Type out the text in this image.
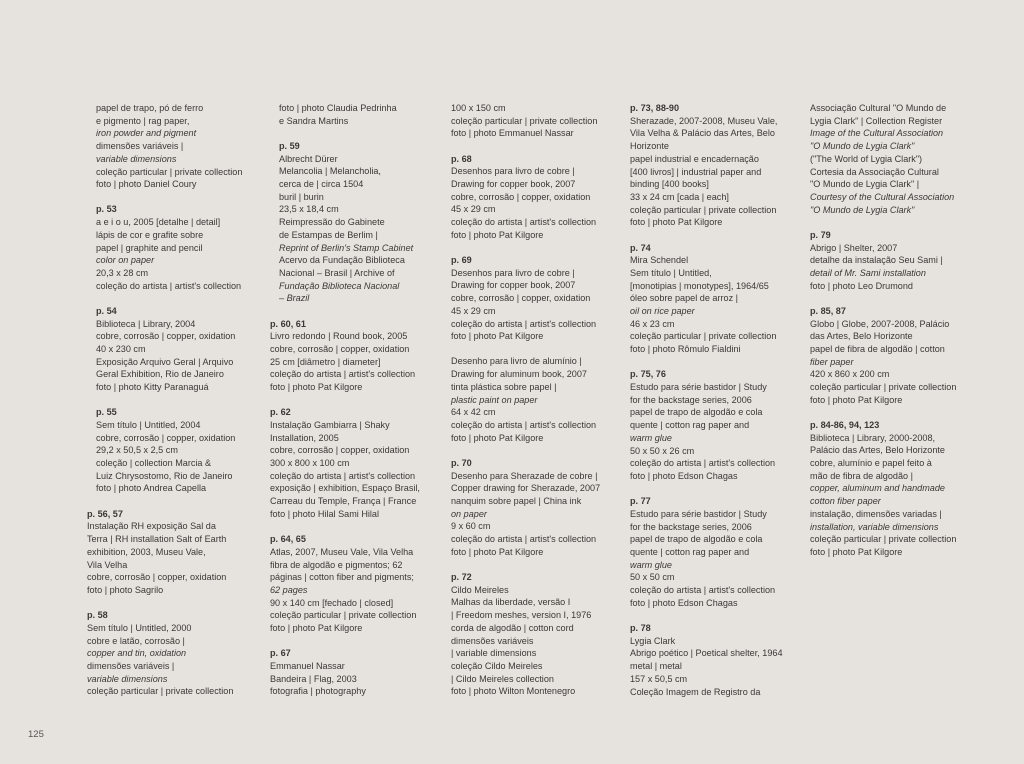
papel de trapo, pó de ferro
e pigmento | rag paper,
iron powder and pigment
dimensões variáveis |
variable dimensions
coleção particular | private collection
foto | photo Daniel Coury
p. 53
a e i o u, 2005 [detalhe | detail]
lápis de cor e grafite sobre
papel | graphite and pencil
color on paper
20,3 x 28 cm
coleção do artista | artist's collection
p. 54
Biblioteca | Library, 2004
cobre, corrosão | copper, oxidation
40 x 230 cm
Exposição Arquivo Geral | Arquivo
Geral Exhibition, Rio de Janeiro
foto | photo Kitty Paranaguá
p. 55
Sem título | Untitled, 2004
cobre, corrosão | copper, oxidation
29,2 x 50,5 x 2,5 cm
coleção | collection Marcia &
Luiz Chrysostomo, Rio de Janeiro
foto | photo Andrea Capella
p. 56, 57
Instalação RH exposição Sal da
Terra | RH installation Salt of Earth
exhibition, 2003, Museu Vale,
Vila Velha
cobre, corrosão | copper, oxidation
foto | photo Sagrilo
p. 58
Sem título | Untitled, 2000
cobre e latão, corrosão |
copper and tin, oxidation
dimensões variáveis |
variable dimensions
coleção particular | private collection
foto | photo Claudia Pedrinha
e Sandra Martins
p. 59
Albrecht Dürer
Melancolia | Melancholia,
cerca de | circa 1504
buril | burin
23,5 x 18,4 cm
Reimpressão do Gabinete
de Estampas de Berlim |
Reprint of Berlin's Stamp Cabinet
Acervo da Fundação Biblioteca
Nacional – Brasil | Archive of
Fundação Biblioteca Nacional
– Brazil
p. 60, 61
Livro redondo | Round book, 2005
cobre, corrosão | copper, oxidation
25 cm [diâmetro | diameter]
coleção do artista | artist's collection
foto | photo Pat Kilgore
p. 62
Instalação Gambiarra | Shaky
Installation, 2005
cobre, corrosão | copper, oxidation
300 x 800 x 100 cm
coleção do artista | artist's collection
exposição | exhibition, Espaço Brasil,
Carreau du Temple, França | France
foto | photo Hilal Sami Hilal
p. 64, 65
Atlas, 2007, Museu Vale, Vila Velha
fibra de algodão e pigmentos; 62
páginas | cotton fiber and pigments;
62 pages
90 x 140 cm [fechado | closed]
coleção particular | private collection
foto | photo Pat Kilgore
p. 67
Emmanuel Nassar
Bandeira | Flag, 2003
fotografia | photography
100 x 150 cm
coleção particular | private collection
foto | photo Emmanuel Nassar
p. 68
Desenhos para livro de cobre |
Drawing for copper book, 2007
cobre, corrosão | copper, oxidation
45 x 29 cm
coleção do artista | artist's collection
foto | photo Pat Kilgore
p. 69
Desenhos para livro de cobre |
Drawing for copper book, 2007
cobre, corrosão | copper, oxidation
45 x 29 cm
coleção do artista | artist's collection
foto | photo Pat Kilgore
Desenho para livro de alumínio |
Drawing for aluminum book, 2007
tinta plástica sobre papel |
plastic paint on paper
64 x 42 cm
coleção do artista | artist's collection
foto | photo Pat Kilgore
p. 70
Desenho para Sherazade de cobre |
Copper drawing for Sherazade, 2007
nanquim sobre papel | China ink
on paper
9 x 60 cm
coleção do artista | artist's collection
foto | photo Pat Kilgore
p. 72
Cildo Meireles
Malhas da liberdade, versão I
| Freedom meshes, version I, 1976
corda de algodão | cotton cord
dimensões variáveis
| variable dimensions
coleção Cildo Meireles
| Cildo Meireles collection
foto | photo Wilton Montenegro
p. 73, 88-90
Sherazade, 2007-2008, Museu Vale,
Vila Velha & Palácio das Artes, Belo
Horizonte
papel industrial e encadernação
[400 livros] | industrial paper and
binding [400 books]
33 x 24 cm [cada | each]
coleção particular | private collection
foto | photo Pat Kilgore
p. 74
Mira Schendel
Sem título | Untitled,
[monotipias | monotypes], 1964/65
óleo sobre papel de arroz |
oil on rice paper
46 x 23 cm
coleção particular | private collection
foto | photo Rômulo Fialdini
p. 75, 76
Estudo para série bastidor | Study
for the backstage series, 2006
papel de trapo de algodão e cola
quente | cotton rag paper and
warm glue
50 x 50 x 26 cm
coleção do artista | artist's collection
foto | photo Edson Chagas
p. 77
Estudo para série bastidor | Study
for the backstage series, 2006
papel de trapo de algodão e cola
quente | cotton rag paper and
warm glue
50 x 50 cm
coleção do artista | artist's collection
foto | photo Edson Chagas
p. 78
Lygia Clark
Abrigo poético | Poetical shelter, 1964
metal | metal
157 x 50,5 cm
Coleção Imagem de Registro da
Associação Cultural "O Mundo de
Lygia Clark" | Collection Register
Image of the Cultural Association
"O Mundo de Lygia Clark"
("The World of Lygia Clark")
Cortesia da Associação Cultural
"O Mundo de Lygia Clark" |
Courtesy of the Cultural Association
"O Mundo de Lygia Clark"
p. 79
Abrigo | Shelter, 2007
detalhe da instalação Seu Sami |
detail of Mr. Sami installation
foto | photo Leo Drumond
p. 85, 87
Globo | Globe, 2007-2008, Palácio
das Artes, Belo Horizonte
papel de fibra de algodão | cotton
fiber paper
420 x 860 x 200 cm
coleção particular | private collection
foto | photo Pat Kilgore
p. 84-86, 94, 123
Biblioteca | Library, 2000-2008,
Palácio das Artes, Belo Horizonte
cobre, alumínio e papel feito à
mão de fibra de algodão |
copper, aluminum and handmade
cotton fiber paper
instalação, dimensões variadas |
installation, variable dimensions
coleção particular | private collection
foto | photo Pat Kilgore
125
